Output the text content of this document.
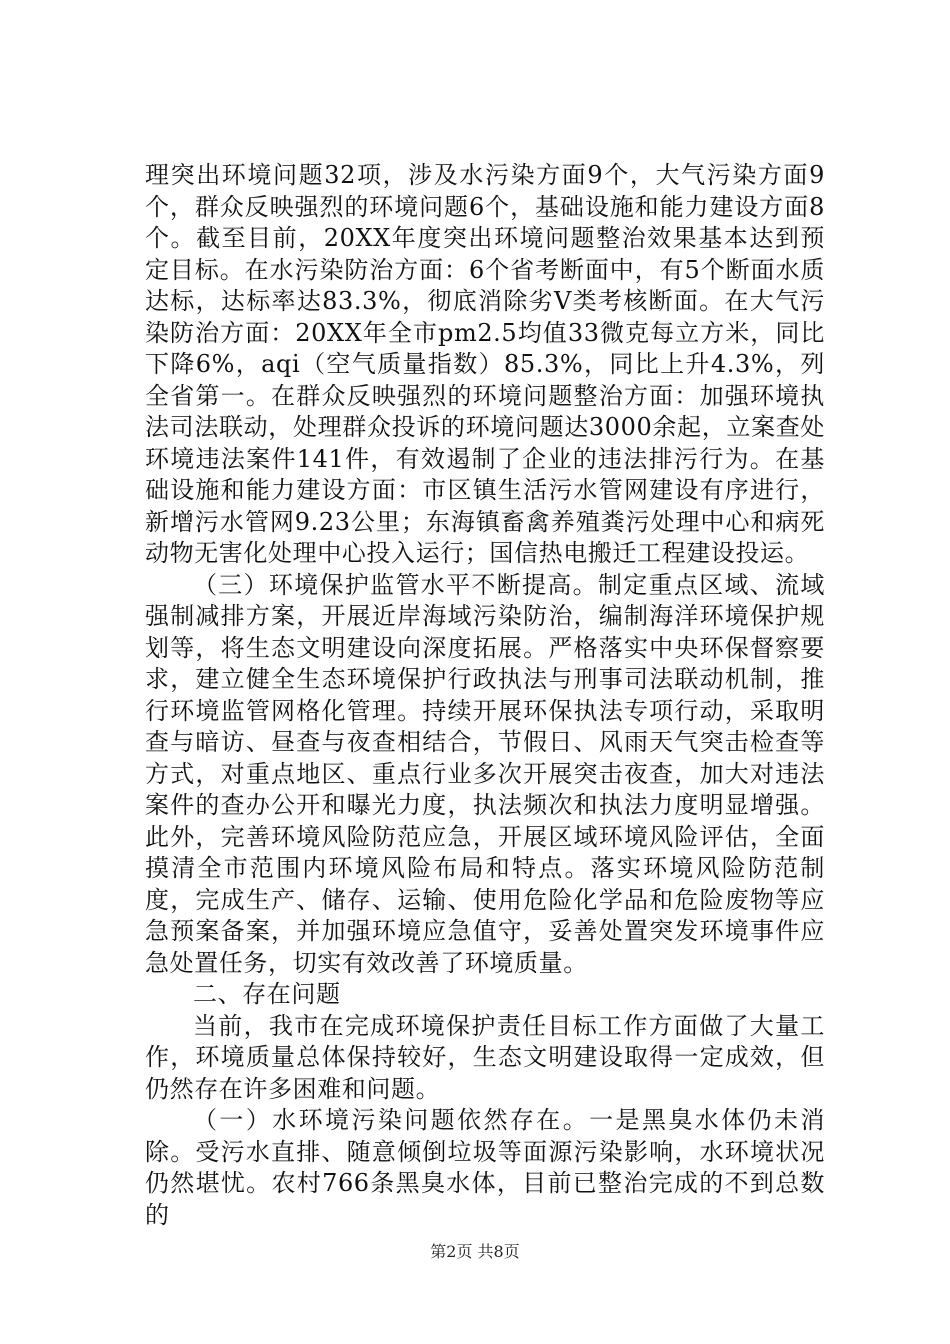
理突出环境问题32项，涉及水污染方面9个，大气污染方面9个，群众反映强烈的环境问题6个，基础设施和能力建设方面8个。截至目前，20XX年度突出环境问题整治效果基本达到预定目标。在水污染防治方面：6个省考断面中，有5个断面水质达标，达标率达83.3%，彻底消除劣Ⅴ类考核断面。在大气污染防治方面：20XX年全市pm2.5均值33微克每立方米，同比下降6%，aqi（空气质量指数）85.3%，同比上升4.3%，列全省第一。在群众反映强烈的环境问题整治方面：加强环境执法司法联动，处理群众投诉的环境问题达3000余起，立案查处环境违法案件141件，有效遏制了企业的违法排污行为。在基础设施和能力建设方面：市区镇生活污水管网建设有序进行，新增污水管网9.23公里；东海镇畜禽养殖粪污处理中心和病死动物无害化处理中心投入运行；国信热电搬迁工程建设投运。

（三）环境保护监管水平不断提高。制定重点区域、流域强制减排方案，开展近岸海域污染防治，编制海洋环境保护规划等，将生态文明建设向深度拓展。严格落实中央环保督察要求，建立健全生态环境保护行政执法与刑事司法联动机制，推行环境监管网格化管理。持续开展环保执法专项行动，采取明查与暗访、昼查与夜查相结合，节假日、风雨天气突击检查等方式，对重点地区、重点行业多次开展突击夜查，加大对违法案件的查办公开和曝光力度，执法频次和执法力度明显增强。此外，完善环境风险防范应急，开展区域环境风险评估，全面摸清全市范围内环境风险布局和特点。落实环境风险防范制度，完成生产、储存、运输、使用危险化学品和危险废物等应急预案备案，并加强环境应急值守，妥善处置突发环境事件应急处置任务，切实有效改善了环境质量。

二、存在问题

当前，我市在完成环境保护责任目标工作方面做了大量工作，环境质量总体保持较好，生态文明建设取得一定成效，但仍然存在许多困难和问题。

（一）水环境污染问题依然存在。一是黑臭水体仍未消除。受污水直排、随意倾倒垃圾等面源污染影响，水环境状况仍然堪忧。农村766条黑臭水体，目前已整治完成的不到总数的

第2页 共8页
